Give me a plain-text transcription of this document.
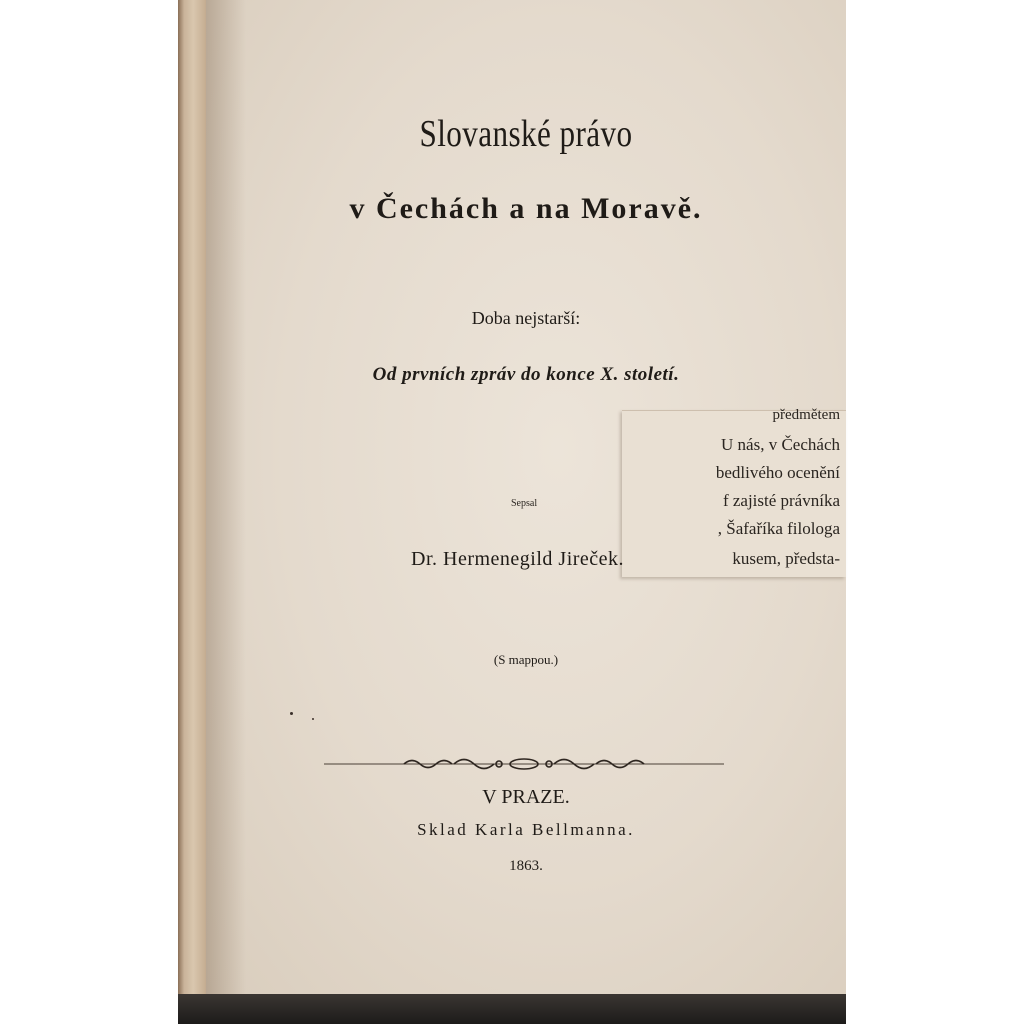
Slovanské právo
v Čechách a na Moravě.
Doba nejstarší:
Od prvních zpráv do konce X. století.
předmětem
U nás, v Čechách
bedlivého ocenění
f zajisté právníka
, Šafaříka filologa
kusem, předsta-
Sepsal
Dr. Hermenegild Jireček.
(S mappou.)
V PRAZE.
Sklad Karla Bellmanna.
1863.
